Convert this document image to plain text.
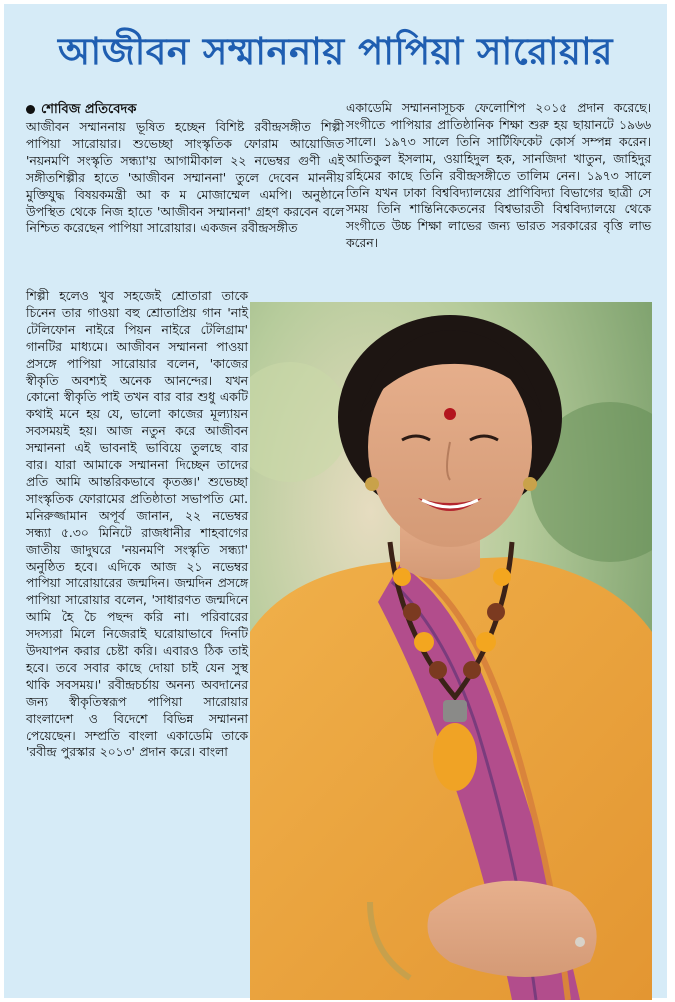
আজীবন সম্মাননায় পাপিয়া সারোয়ার
শোবিজ প্রতিবেদক
আজীবন সম্মাননায় ভূষিত হচ্ছেন বিশিষ্ট রবীন্দ্রসঙ্গীত শিল্পী পাপিয়া সারোয়ার। শুভেচ্ছা সাংস্কৃতিক ফোরাম আয়োজিত 'নয়নমণি সংস্কৃতি সন্ধ্যা'য় আগামীকাল ২২ নভেম্বর গুণী এই সঙ্গীতশিল্পীর হাতে 'আজীবন সম্মাননা' তুলে দেবেন মাননীয় মুক্তিযুদ্ধ বিষয়কমন্ত্রী আ ক ম মোজাম্মেল এমপি। অনুষ্ঠানে উপস্থিত থেকে নিজ হাতে 'আজীবন সম্মাননা' গ্রহণ করবেন বলে নিশ্চিত করেছেন পাপিয়া সারোয়ার। একজন রবীন্দ্রসঙ্গীত
শিল্পী হলেও খুব সহজেই শ্রোতারা তাকে চিনেন তার গাওয়া বহু শ্রোতাপ্রিয় গান 'নাই টেলিফোন নাইরে পিয়ন নাইরে টেলিগ্রাম' গানটির মাধ্যমে। আজীবন সম্মাননা পাওয়া প্রসঙ্গে পাপিয়া সারোয়ার বলেন, 'কাজের স্বীকৃতি অবশ্যই অনেক আনন্দের। যখন কোনো স্বীকৃতি পাই তখন বার বার শুধু একটি কথাই মনে হয় যে, ভালো কাজের মূল্যায়ন সবসময়ই হয়। আজ নতুন করে আজীবন সম্মাননা এই ভাবনাই ভাবিয়ে তুলছে বার বার। যারা আমাকে সম্মাননা দিচ্ছেন তাদের প্রতি আমি আন্তরিকভাবে কৃতজ্ঞ।' শুভেচ্ছা সাংস্কৃতিক ফোরামের প্রতিষ্ঠাতা সভাপতি মো. মনিরুজ্জামান অপূর্ব জানান, ২২ নভেম্বর সন্ধ্যা ৫.৩০ মিনিটে রাজধানীর শাহবাগের জাতীয় জাদুঘরে 'নয়নমণি সংস্কৃতি সন্ধ্যা' অনুষ্ঠিত হবে। এদিকে আজ ২১ নভেম্বর পাপিয়া সারোয়ারের জন্মদিন। জন্মদিন প্রসঙ্গে পাপিয়া সারোয়ার বলেন, 'সাধারণত জন্মদিনে আমি হৈ চৈ পছন্দ করি না। পরিবারের সদস্যরা মিলে নিজেরাই ঘরোয়াভাবে দিনটি উদযাপন করার চেষ্টা করি। এবারও ঠিক তাই হবে। তবে সবার কাছে দোয়া চাই যেন সুস্থ থাকি সবসময়।' রবীন্দ্রচর্চায় অনন্য অবদানের জন্য স্বীকৃতিস্বরূপ পাপিয়া সারোয়ার বাংলাদেশ ও বিদেশে বিভিন্ন সম্মাননা পেয়েছেন। সম্প্রতি বাংলা একাডেমি তাকে 'রবীন্দ্র পুরস্কার ২০১৩' প্রদান করে। বাংলা
একাডেমি সম্মাননাসূচক ফেলোশিপ ২০১৫ প্রদান করেছে। সংগীতে পাপিয়ার প্রাতিষ্ঠানিক শিক্ষা শুরু হয় ছায়ানটে ১৯৬৬ সালে। ১৯৭৩ সালে তিনি সার্টিফিকেট কোর্স সম্পন্ন করেন। আতিকুল ইসলাম, ওয়াহিদুল হক, সানজিদা খাতুন, জাহিদুর রহিমের কাছে তিনি রবীন্দ্রসঙ্গীতে তালিম নেন। ১৯৭৩ সালে তিনি যখন ঢাকা বিশ্ববিদ্যালয়ের প্রাণিবিদ্যা বিভাগের ছাত্রী সে সময় তিনি শান্তিনিকেতনের বিশ্বভারতী বিশ্ববিদ্যালয়ে থেকে সংগীতে উচ্চ শিক্ষা লাভের জন্য ভারত সরকারের বৃত্তি লাভ করেন।
